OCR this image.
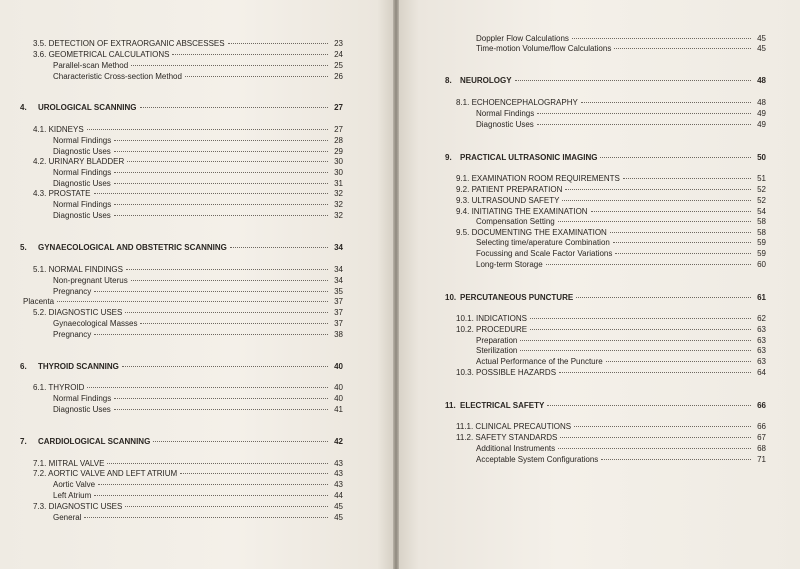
3.5. DETECTION OF EXTRAORGANIC ABSCESSES	23
3.6. GEOMETRICAL CALCULATIONS	24
Parallel-scan Method	25
Characteristic Cross-section Method	26
4. UROLOGICAL SCANNING	27
4.1. KIDNEYS	27
Normal Findings	28
Diagnostic Uses	29
4.2. URINARY BLADDER	30
Normal Findings	30
Diagnostic Uses	31
4.3. PROSTATE	32
Normal Findings	32
Diagnostic Uses	32
5. GYNAECOLOGICAL AND OBSTETRIC SCANNING	34
5.1. NORMAL FINDINGS	34
Non-pregnant Uterus	34
Pregnancy	35
Placenta	37
5.2. DIAGNOSTIC USES	37
Gynaecological Masses	37
Pregnancy	38
6. THYROID SCANNING	40
6.1. THYROID	40
Normal Findings	40
Diagnostic Uses	41
7. CARDIOLOGICAL SCANNING	42
7.1. MITRAL VALVE	43
7.2. AORTIC VALVE AND LEFT ATRIUM	43
Aortic Valve	43
Left Atrium	44
7.3. DIAGNOSTIC USES	45
General	45
Doppler Flow Calculations	45
Time-motion Volume/flow Calculations	45
8. NEUROLOGY	48
8.1. ECHOENCEPHALOGRAPHY	48
Normal Findings	49
Diagnostic Uses	49
9. PRACTICAL ULTRASONIC IMAGING	50
9.1. EXAMINATION ROOM REQUIREMENTS	51
9.2. PATIENT PREPARATION	52
9.3. ULTRASOUND SAFETY	52
9.4. INITIATING THE EXAMINATION	54
Compensation Setting	58
9.5. DOCUMENTING THE EXAMINATION	58
Selecting time/aperature Combination	59
Focussing and Scale Factor Variations	59
Long-term Storage	60
10. PERCUTANEOUS PUNCTURE	61
10.1. INDICATIONS	62
10.2. PROCEDURE	63
Preparation	63
Sterilization	63
Actual Performance of the Puncture	63
10.3. POSSIBLE HAZARDS	64
11. ELECTRICAL SAFETY	66
11.1. CLINICAL PRECAUTIONS	66
11.2. SAFETY STANDARDS	67
Additional Instruments	68
Acceptable System Configurations	71
